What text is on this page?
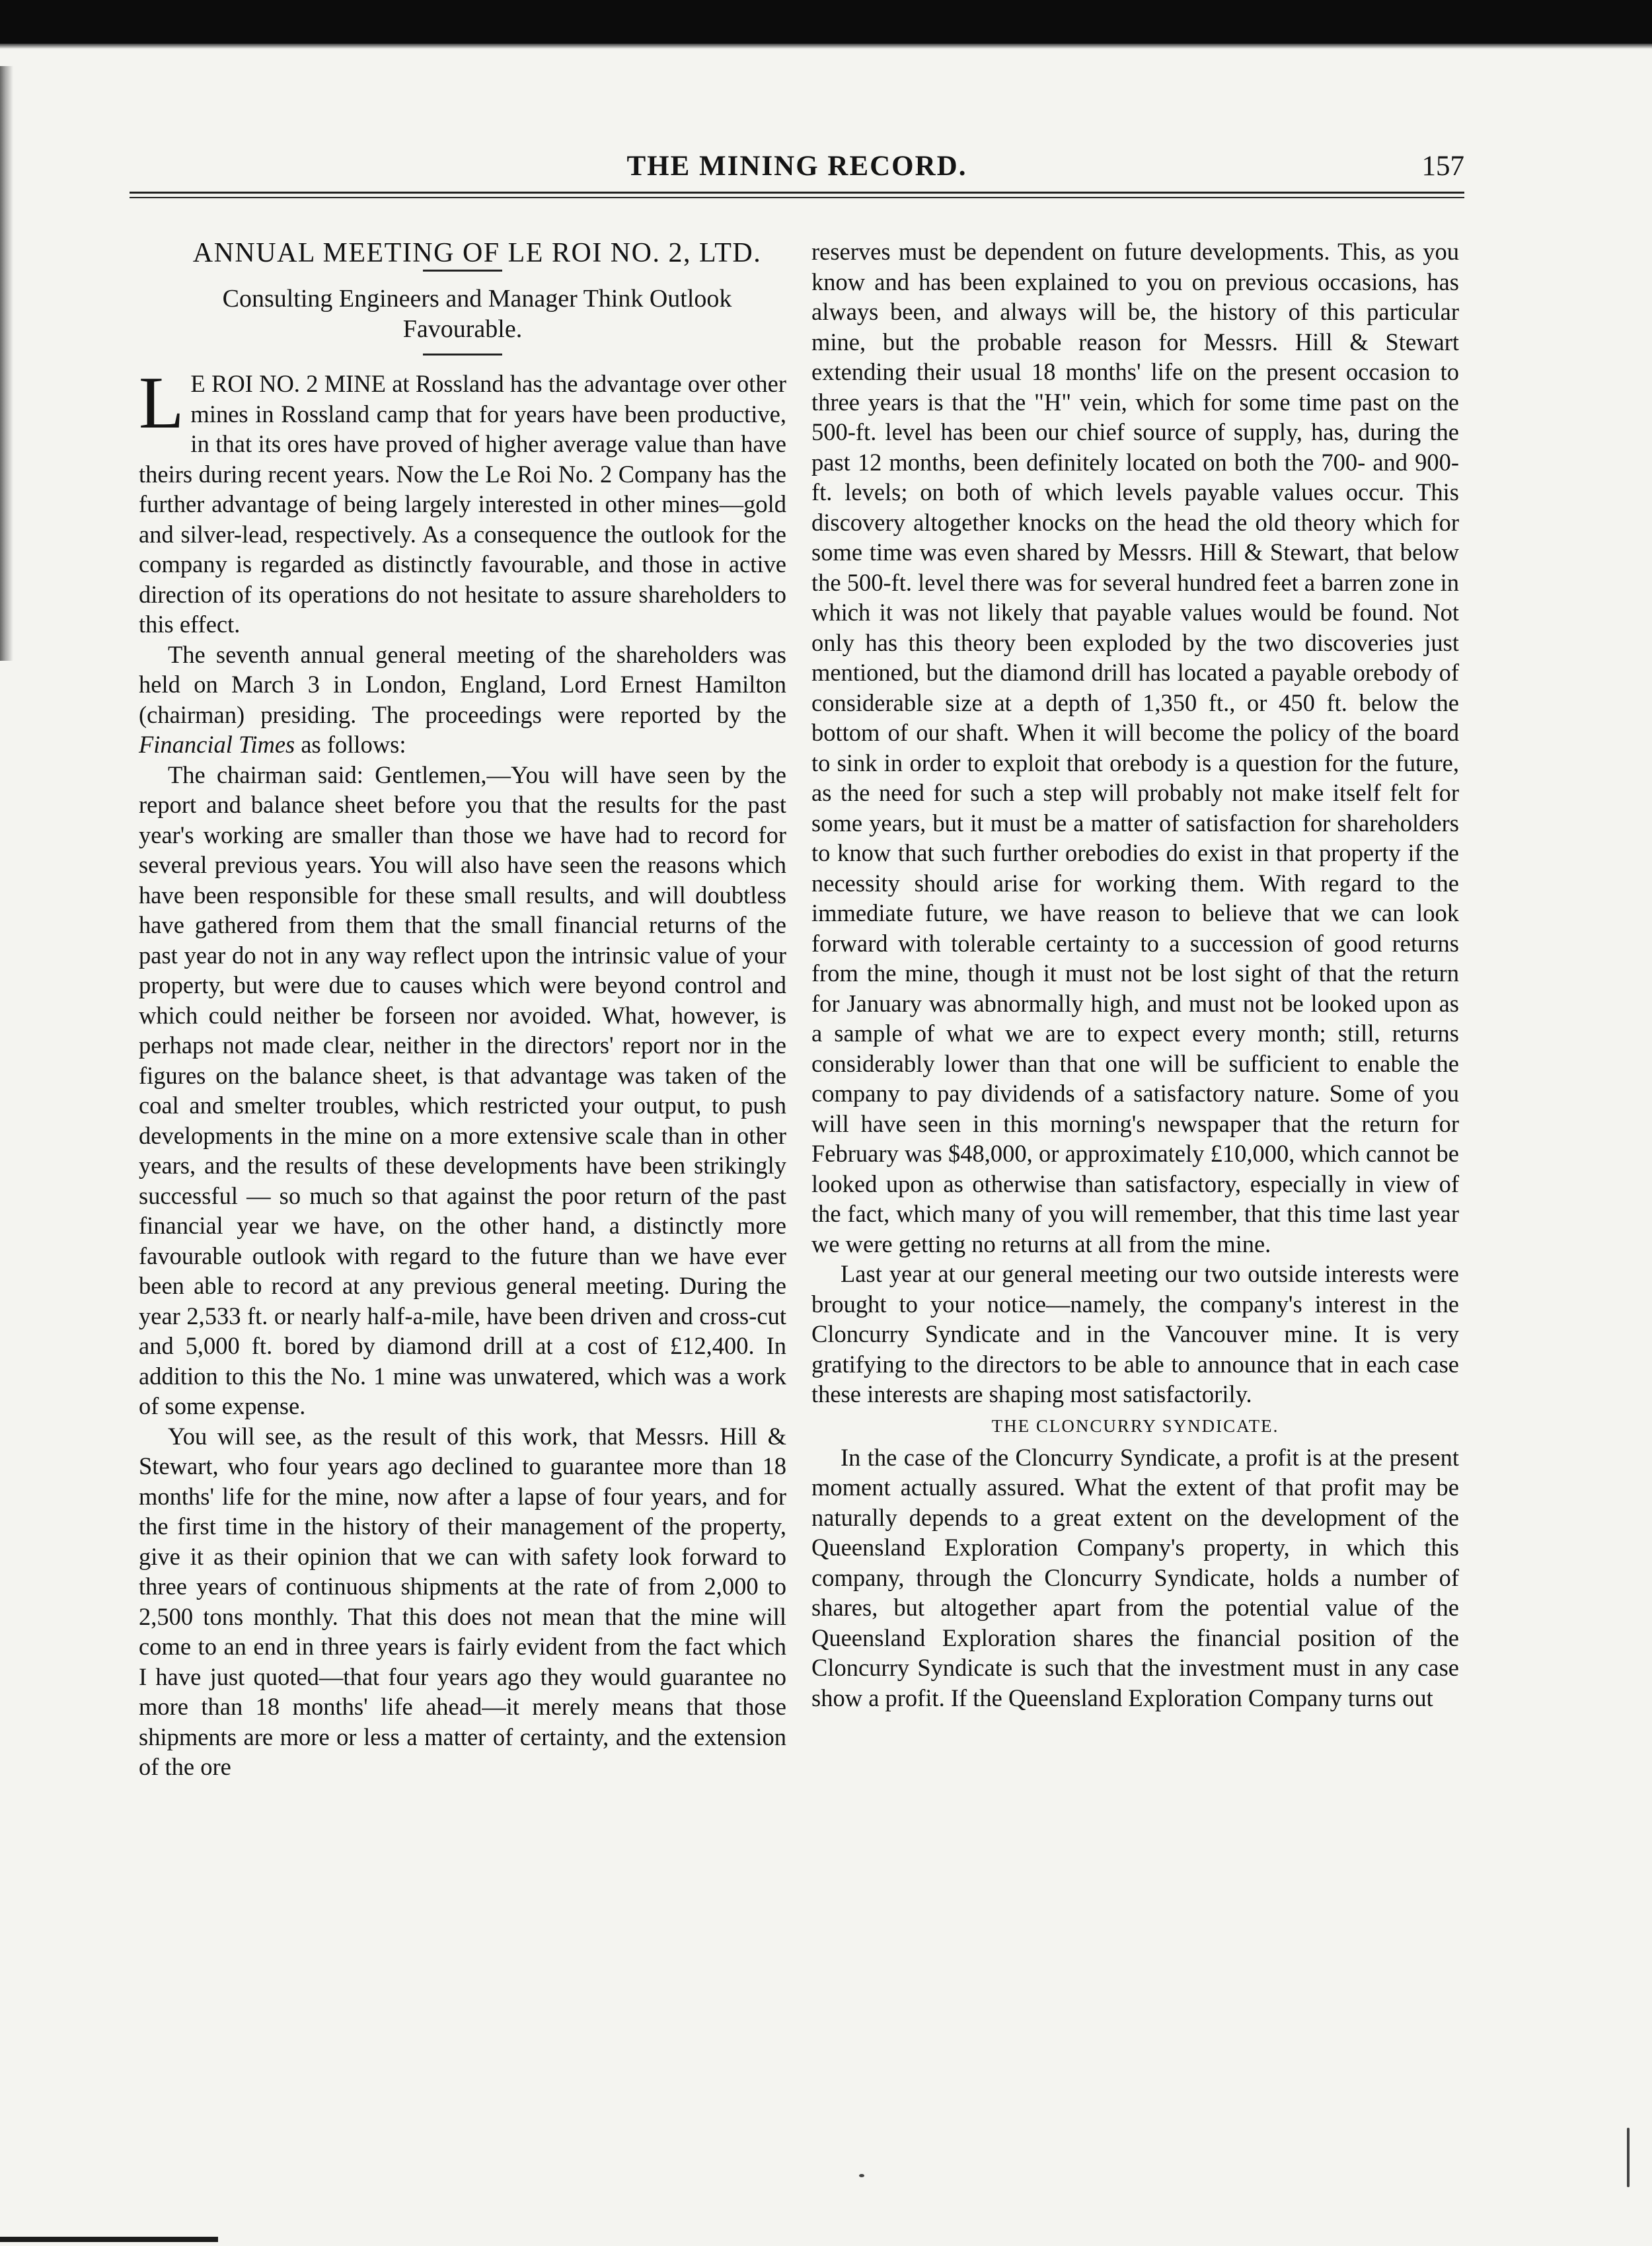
THE MINING RECORD.	157

ANNUAL MEETING OF LE ROI NO. 2, LTD.

Consulting Engineers and Manager Think Outlook Favourable.

L E ROI NO. 2 MINE at Rossland has the advantage over other mines in Rossland camp that for years have been productive, in that its ores have proved of higher average value than have theirs during recent years. Now the Le Roi No. 2 Company has the further advantage of being largely interested in other mines—gold and silver-lead, respectively. As a consequence the outlook for the company is regarded as distinctly favourable, and those in active direction of its operations do not hesitate to assure shareholders to this effect.

The seventh annual general meeting of the shareholders was held on March 3 in London, England, Lord Ernest Hamilton (chairman) presiding. The proceedings were reported by the Financial Times as follows:

The chairman said: Gentlemen,—You will have seen by the report and balance sheet before you that the results for the past year's working are smaller than those we have had to record for several previous years. You will also have seen the reasons which have been responsible for these small results, and will doubtless have gathered from them that the small financial returns of the past year do not in any way reflect upon the intrinsic value of your property, but were due to causes which were beyond control and which could neither be forseen nor avoided. What, however, is perhaps not made clear, neither in the directors' report nor in the figures on the balance sheet, is that advantage was taken of the coal and smelter troubles, which restricted your output, to push developments in the mine on a more extensive scale than in other years, and the results of these developments have been strikingly successful — so much so that against the poor return of the past financial year we have, on the other hand, a distinctly more favourable outlook with regard to the future than we have ever been able to record at any previous general meeting. During the year 2,533 ft. or nearly half-a-mile, have been driven and cross-cut and 5,000 ft. bored by diamond drill at a cost of £12,400. In addition to this the No. 1 mine was unwatered, which was a work of some expense.

You will see, as the result of this work, that Messrs. Hill & Stewart, who four years ago declined to guarantee more than 18 months' life for the mine, now after a lapse of four years, and for the first time in the history of their management of the property, give it as their opinion that we can with safety look forward to three years of continuous shipments at the rate of from 2,000 to 2,500 tons monthly. That this does not mean that the mine will come to an end in three years is fairly evident from the fact which I have just quoted—that four years ago they would guarantee no more than 18 months' life ahead—it merely means that those shipments are more or less a matter of certainty, and the extension of the ore

reserves must be dependent on future developments. This, as you know and has been explained to you on previous occasions, has always been, and always will be, the history of this particular mine, but the probable reason for Messrs. Hill & Stewart extending their usual 18 months' life on the present occasion to three years is that the "H" vein, which for some time past on the 500-ft. level has been our chief source of supply, has, during the past 12 months, been definitely located on both the 700- and 900-ft. levels; on both of which levels payable values occur. This discovery altogether knocks on the head the old theory which for some time was even shared by Messrs. Hill & Stewart, that below the 500-ft. level there was for several hundred feet a barren zone in which it was not likely that payable values would be found. Not only has this theory been exploded by the two discoveries just mentioned, but the diamond drill has located a payable orebody of considerable size at a depth of 1,350 ft., or 450 ft. below the bottom of our shaft. When it will become the policy of the board to sink in order to exploit that orebody is a question for the future, as the need for such a step will probably not make itself felt for some years, but it must be a matter of satisfaction for shareholders to know that such further orebodies do exist in that property if the necessity should arise for working them. With regard to the immediate future, we have reason to believe that we can look forward with tolerable certainty to a succession of good returns from the mine, though it must not be lost sight of that the return for January was abnormally high, and must not be looked upon as a sample of what we are to expect every month; still, returns considerably lower than that one will be sufficient to enable the company to pay dividends of a satisfactory nature. Some of you will have seen in this morning's newspaper that the return for February was $48,000, or approximately £10,000, which cannot be looked upon as otherwise than satisfactory, especially in view of the fact, which many of you will remember, that this time last year we were getting no returns at all from the mine.

Last year at our general meeting our two outside interests were brought to your notice—namely, the company's interest in the Cloncurry Syndicate and in the Vancouver mine. It is very gratifying to the directors to be able to announce that in each case these interests are shaping most satisfactorily.

THE CLONCURRY SYNDICATE.

In the case of the Cloncurry Syndicate, a profit is at the present moment actually assured. What the extent of that profit may be naturally depends to a great extent on the development of the Queensland Exploration Company's property, in which this company, through the Cloncurry Syndicate, holds a number of shares, but altogether apart from the potential value of the Queensland Exploration shares the financial position of the Cloncurry Syndicate is such that the investment must in any case show a profit. If the Queensland Exploration Company turns out
